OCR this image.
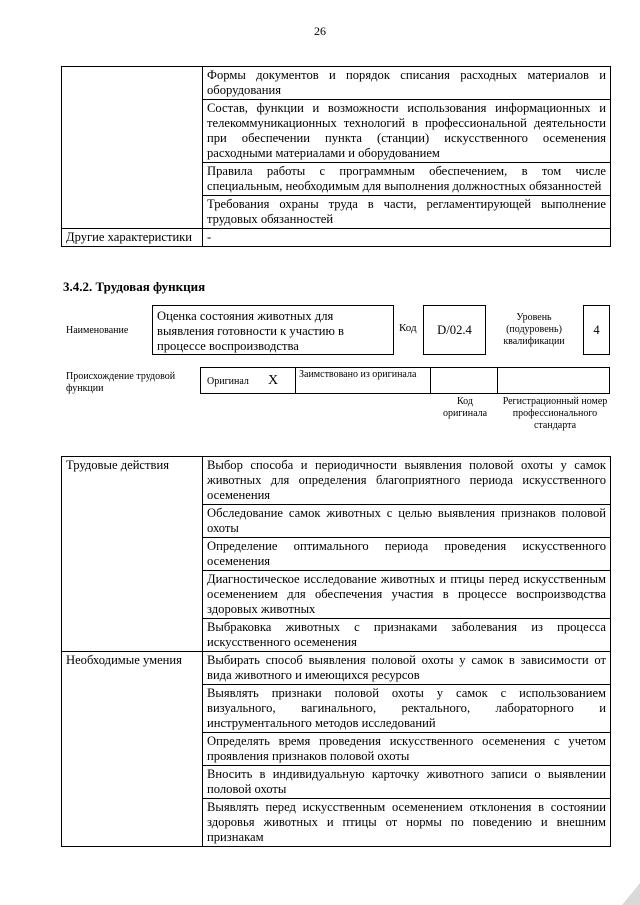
26
	Формы документов и порядок списания расходных материалов и оборудования
	Состав, функции и возможности использования информационных и телекоммуникационных технологий в профессиональной деятельности при обеспечении пункта (станции) искусственного осеменения расходными материалами и оборудованием
	Правила работы с программным обеспечением, в том числе специальным, необходимым для выполнения должностных обязанностей
	Требования охраны труда в части, регламентирующей выполнение трудовых обязанностей
Другие характеристики	-
3.4.2. Трудовая функция
Наименование
Оценка состояния животных для выявления готовности к участию в процессе воспроизводства
Код	D/02.4
Уровень (подуровень) квалификации
4
Происхождение трудовой функции
Оригинал X	Заимствовано из оригинала
Код оригинала
Регистрационный номер профессионального стандарта
Трудовые действия	Выбор способа и периодичности выявления половой охоты у самок животных для определения благоприятного периода искусственного осеменения
	Обследование самок животных с целью выявления признаков половой охоты
	Определение оптимального периода проведения искусственного осеменения
	Диагностическое исследование животных и птицы перед искусственным осеменением для обеспечения участия в процессе воспроизводства здоровых животных
	Выбраковка животных с признаками заболевания из процесса искусственного осеменения
Необходимые умения	Выбирать способ выявления половой охоты у самок в зависимости от вида животного и имеющихся ресурсов
	Выявлять признаки половой охоты у самок с использованием визуального, вагинального, ректального, лабораторного и инструментального методов исследований
	Определять время проведения искусственного осеменения с учетом проявления признаков половой охоты
	Вносить в индивидуальную карточку животного записи о выявлении половой охоты
	Выявлять перед искусственным осеменением отклонения в состоянии здоровья животных и птицы от нормы по поведению и внешним признакам
